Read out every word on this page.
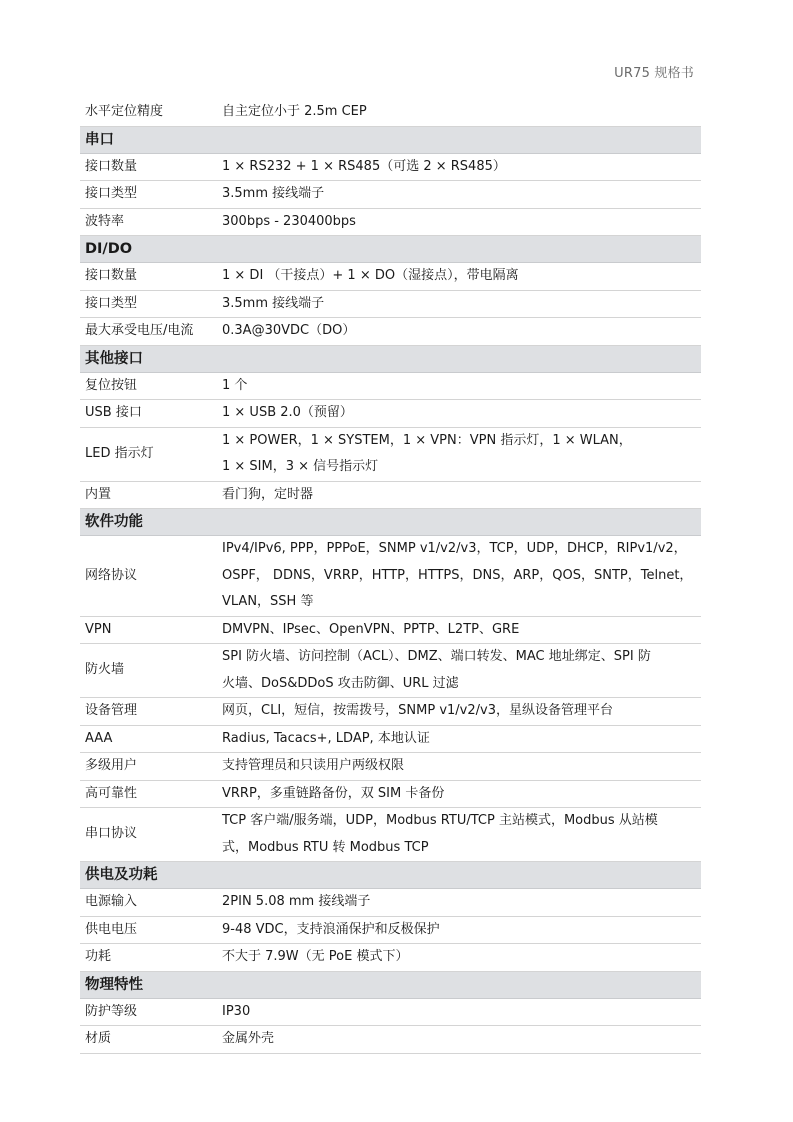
UR75 规格书
水平定位精度	自主定位小于 2.5m CEP
串口	
接口数量	1 × RS232 + 1 × RS485（可选 2 × RS485）
接口类型	3.5mm 接线端子
波特率	300bps - 230400bps
DI/DO	
接口数量	1 × DI （干接点）+ 1 × DO（湿接点），带电隔离
接口类型	3.5mm 接线端子
最大承受电压/电流	0.3A@30VDC（DO）
其他接口	
复位按钮	1 个
USB 接口	1 × USB 2.0（预留）
LED 指示灯	1 × POWER，1 × SYSTEM，1 × VPN：VPN 指示灯，1 × WLAN，
1 × SIM，3 × 信号指示灯

内置	看门狗，定时器
软件功能	
网络协议	IPv4/IPv6, PPP，PPPoE，SNMP v1/v2/v3，TCP，UDP，DHCP，RIPv1/v2，
OSPF， DDNS，VRRP，HTTP，HTTPS，DNS，ARP，QOS，SNTP，Telnet，
VLAN，SSH 等

VPN	DMVPN、IPsec、OpenVPN、PPTP、L2TP、GRE
防火墙	SPI 防火墙、访问控制（ACL）、DMZ、端口转发、MAC 地址绑定、SPI 防
火墙、DoS&DDoS 攻击防御、URL 过滤

设备管理	网页，CLI，短信，按需拨号，SNMP v1/v2/v3，星纵设备管理平台
AAA	Radius, Tacacs+, LDAP, 本地认证
多级用户	支持管理员和只读用户两级权限
高可靠性	VRRP，多重链路备份，双 SIM 卡备份
串口协议	TCP 客户端/服务端，UDP，Modbus RTU/TCP 主站模式，Modbus 从站模
式，Modbus RTU 转 Modbus TCP

供电及功耗	
电源输入	2PIN 5.08 mm 接线端子
供电电压	9-48 VDC，支持浪涌保护和反极保护
功耗	不大于 7.9W（无 PoE 模式下）
物理特性	
防护等级	IP30
材质	金属外壳
